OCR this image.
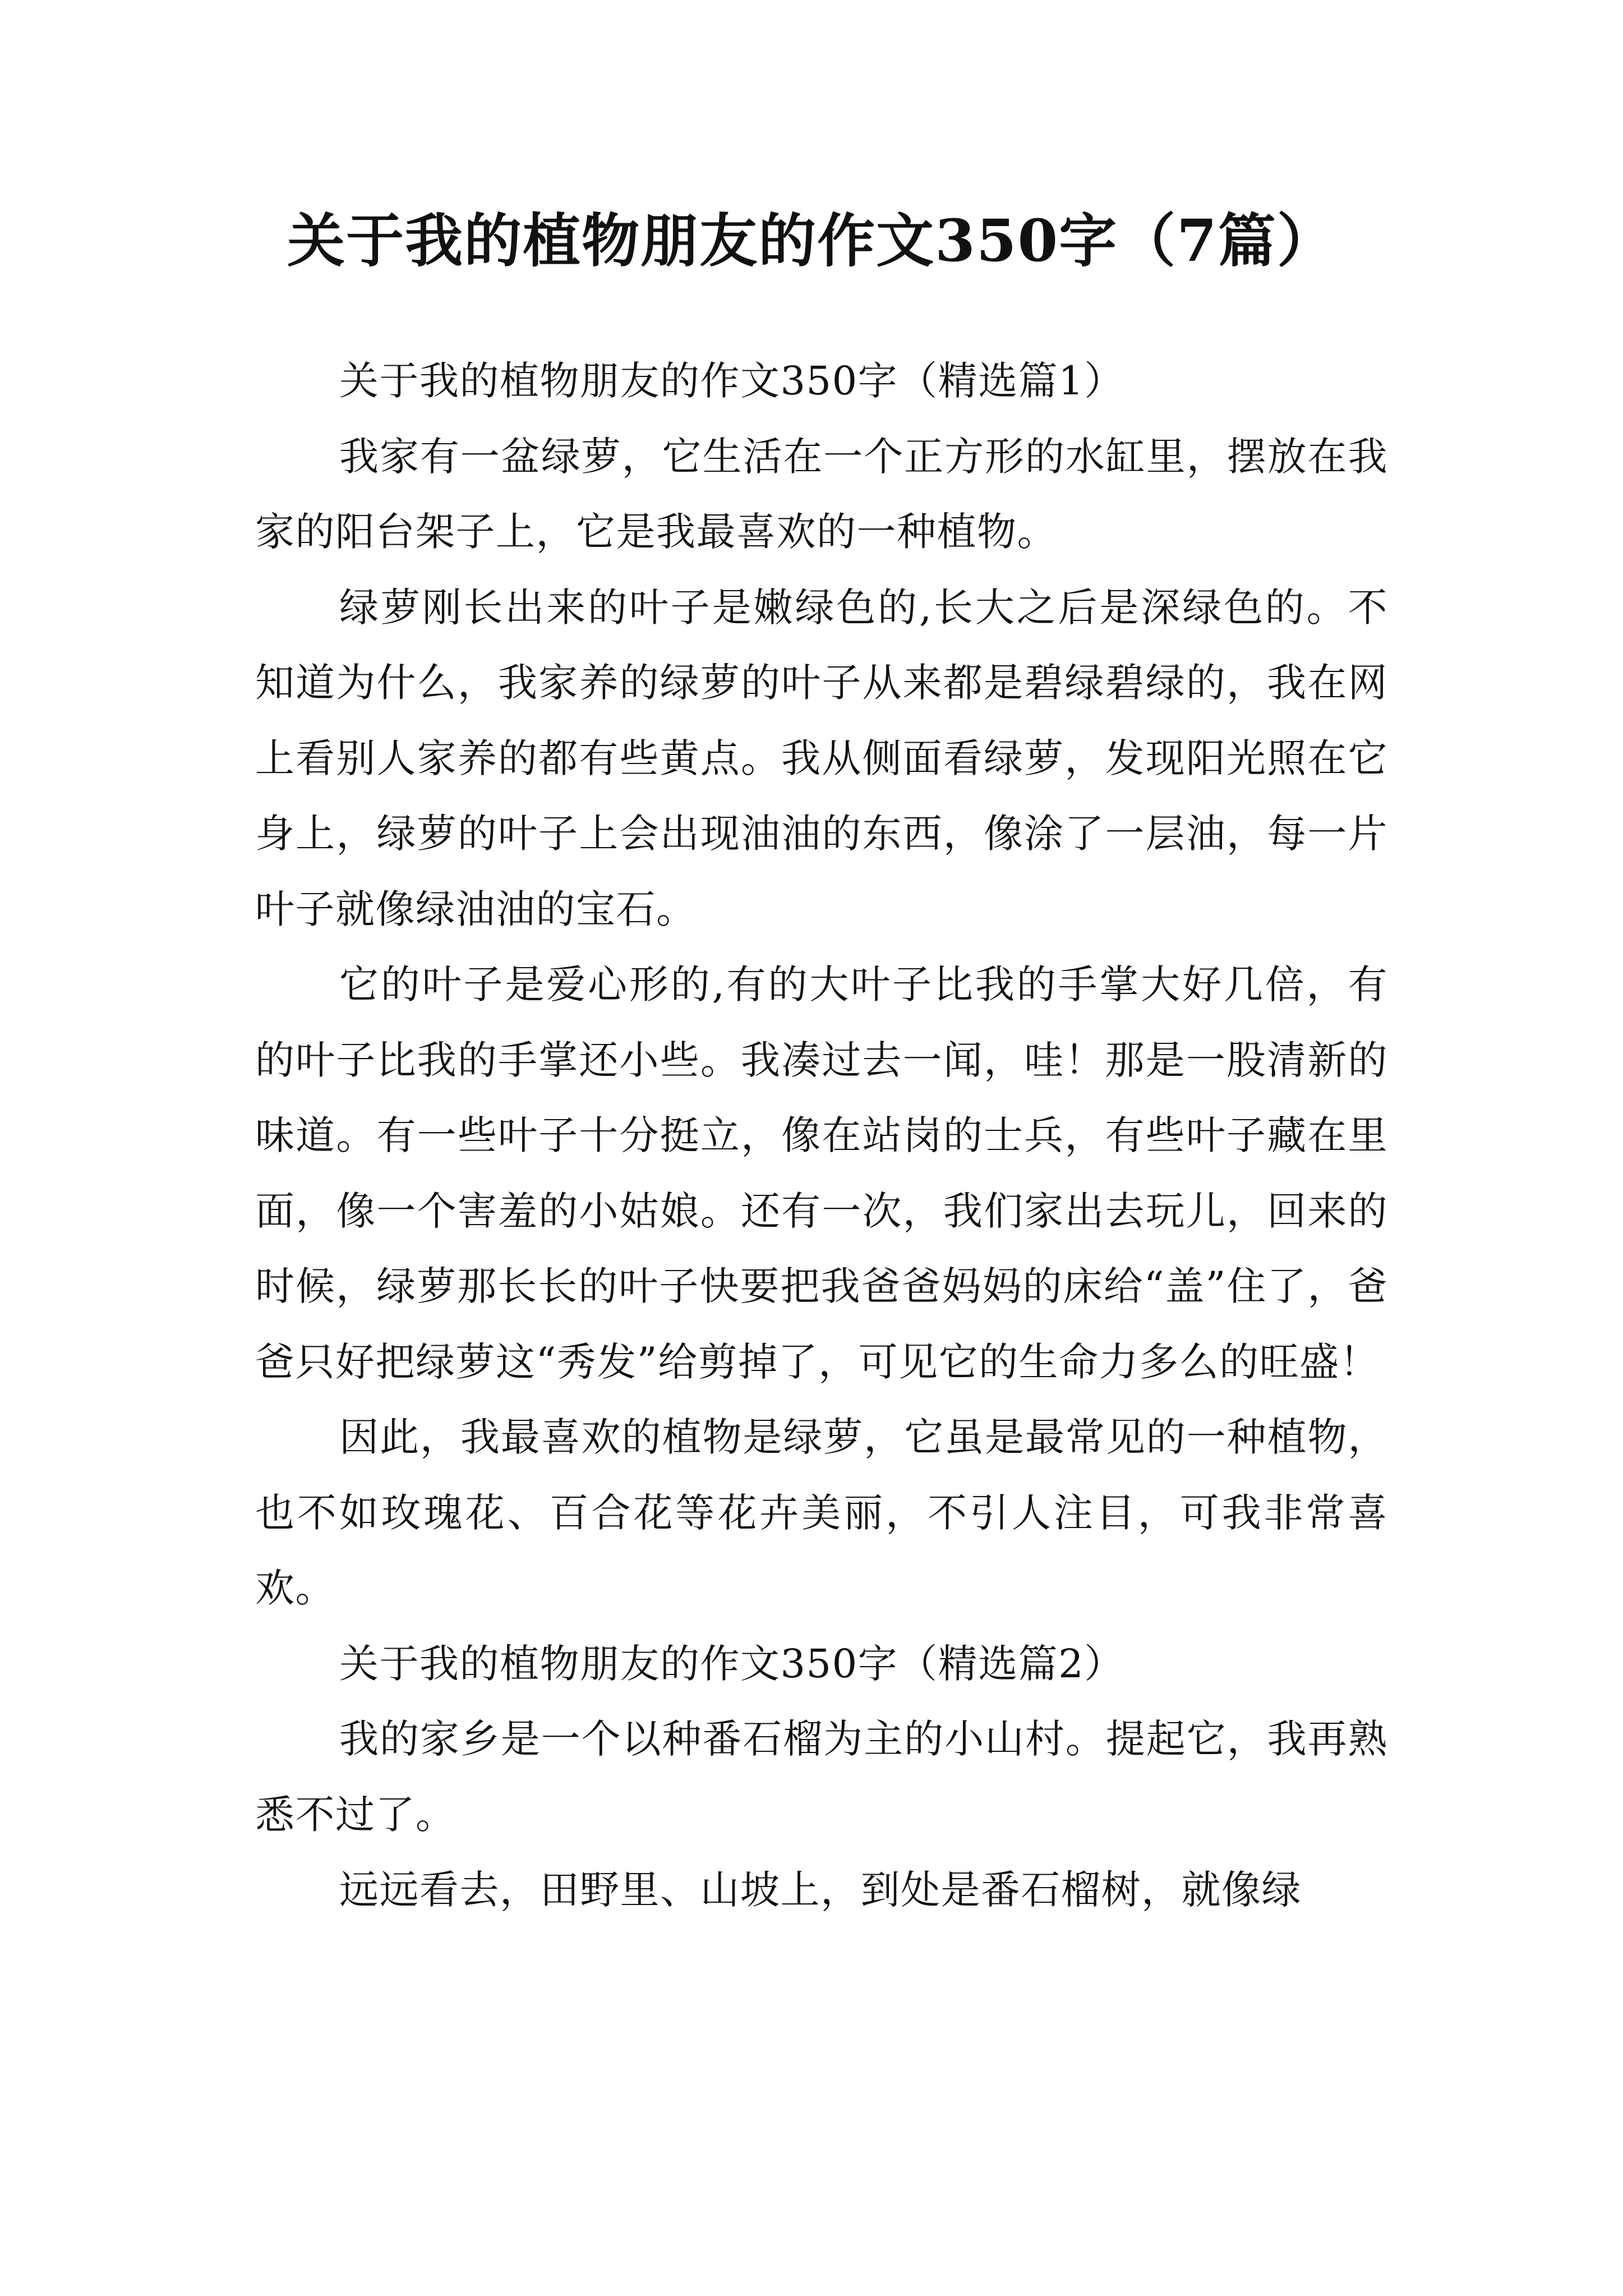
关于我的植物朋友的作文350字（7篇）

关于我的植物朋友的作文350字（精选篇1）

我家有一盆绿萝，它生活在一个正方形的水缸里，摆放在我家的阳台架子上，它是我最喜欢的一种植物。

绿萝刚长出来的叶子是嫩绿色的,长大之后是深绿色的。不知道为什么，我家养的绿萝的叶子从来都是碧绿碧绿的，我在网上看别人家养的都有些黄点。我从侧面看绿萝，发现阳光照在它身上，绿萝的叶子上会出现油油的东西，像涂了一层油，每一片叶子就像绿油油的宝石。

它的叶子是爱心形的,有的大叶子比我的手掌大好几倍，有的叶子比我的手掌还小些。我凑过去一闻，哇！那是一股清新的味道。有一些叶子十分挺立，像在站岗的士兵，有些叶子藏在里面，像一个害羞的小姑娘。还有一次，我们家出去玩儿，回来的时候，绿萝那长长的叶子快要把我爸爸妈妈的床给“盖”住了，爸爸只好把绿萝这“秀发”给剪掉了，可见它的生命力多么的旺盛！

因此，我最喜欢的植物是绿萝，它虽是最常见的一种植物，也不如玫瑰花、百合花等花卉美丽，不引人注目，可我非常喜欢。

关于我的植物朋友的作文350字（精选篇2）

我的家乡是一个以种番石榴为主的小山村。提起它，我再熟悉不过了。

远远看去，田野里、山坡上，到处是番石榴树，就像绿
